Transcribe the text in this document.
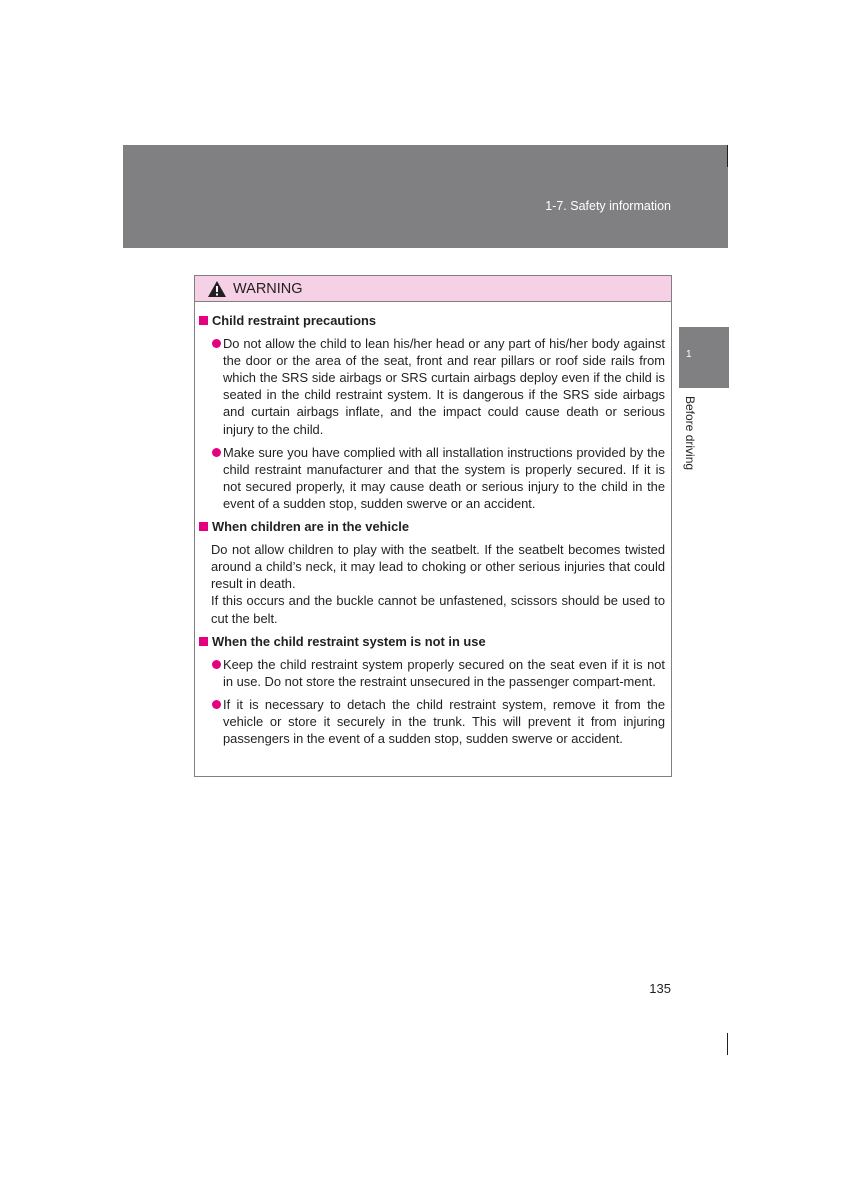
1-7. Safety information
1
Before driving
WARNING
Child restraint precautions
Do not allow the child to lean his/her head or any part of his/her body against the door or the area of the seat, front and rear pillars or roof side rails from which the SRS side airbags or SRS curtain airbags deploy even if the child is seated in the child restraint system. It is dangerous if the SRS side airbags and curtain airbags inflate, and the impact could cause death or serious injury to the child.
Make sure you have complied with all installation instructions provided by the child restraint manufacturer and that the system is properly secured. If it is not secured properly, it may cause death or serious injury to the child in the event of a sudden stop, sudden swerve or an accident.
When children are in the vehicle

Do not allow children to play with the seatbelt. If the seatbelt becomes twisted around a child’s neck, it may lead to choking or other serious injuries that could result in death.

If this occurs and the buckle cannot be unfastened, scissors should be used to cut the belt.

When the child restraint system is not in use
Keep the child restraint system properly secured on the seat even if it is not in use. Do not store the restraint unsecured in the passenger compart-ment.
If it is necessary to detach the child restraint system, remove it from the vehicle or store it securely in the trunk. This will prevent it from injuring passengers in the event of a sudden stop, sudden swerve or accident.
135
